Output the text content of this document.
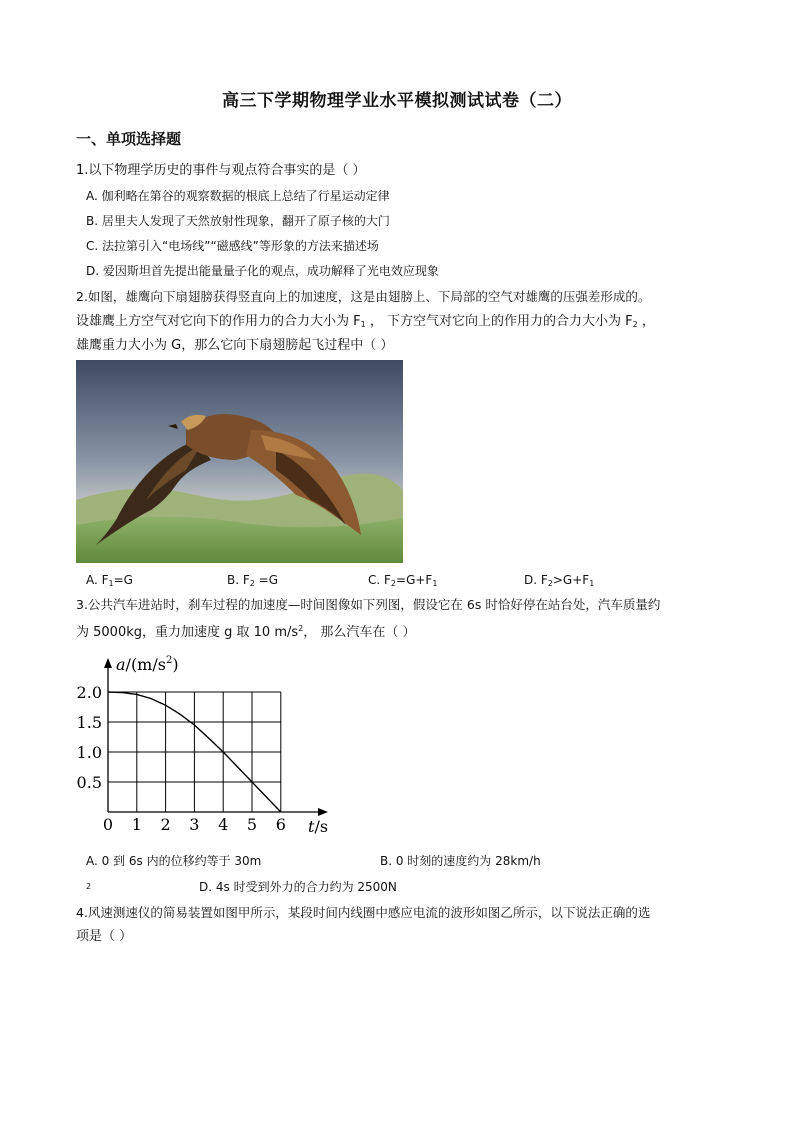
高三下学期物理学业水平模拟测试试卷（二）
一、单项选择题
1.以下物理学历史的事件与观点符合事实的是（ ）
A. 伽利略在第谷的观察数据的根底上总结了行星运动定律
B. 居里夫人发现了天然放射性现象，翻开了原子核的大门
C. 法拉第引入“电场线”“磁感线”等形象的方法来描述场
D. 爱因斯坦首先提出能量量子化的观点，成功解释了光电效应现象
2.如图，雄鹰向下扇翅膀获得竖直向上的加速度，这是由翅膀上、下局部的空气对雄鹰的压强差形成的。
设雄鹰上方空气对它向下的作用力的合力大小为 $F_1$ ， 下方空气对它向上的作用力的合力大小为 $F_2$ ，
雄鹰重力大小为 G，那么它向下扇翅膀起飞过程中（ ）
A. $F_1=G$	B. $F_2 =G$	C. $F_2=G+F_1$	D. $F_2>G+F_1$
3.公共汽车进站时，刹车过程的加速度—时间图像如下列图，假设它在 6s 时恰好停在站台处，汽车质量约
为 5000kg，重力加速度 g 取 10 $m/s^2$， 那么汽车在（ ）
0 1 2 3 4 5 6
0.5
1.0
1.5
2.0
$a/(m/s^2)$
t/s
A. 0 到 6s 内的位移约等于 30m	B. 0 时刻的速度约为 28km/h
2	D. 4s 时受到外力的合力约为 2500N
4.风速测速仪的简易装置如图甲所示，某段时间内线圈中感应电流的波形如图乙所示，以下说法正确的选
项是（ ）
